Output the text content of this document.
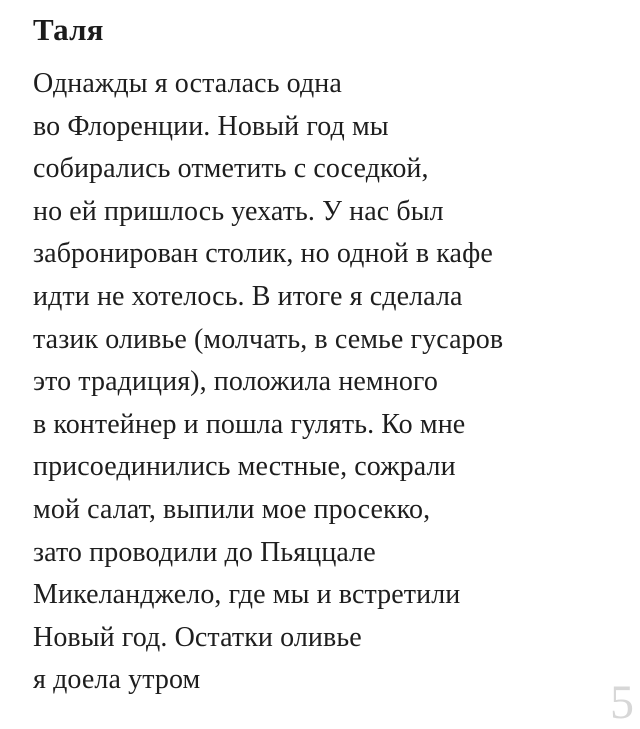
Таля
Однажды я осталась одна
во Флоренции. Новый год мы
собирались отметить с соседкой,
но ей пришлось уехать. У нас был
забронирован столик, но одной в кафе
идти не хотелось. В итоге я сделала
тазик оливье (молчать, в семье гусаров
это традиция), положила немного
в контейнер и пошла гулять. Ко мне
присоединились местные, сожрали
мой салат, выпили мое просекко,
зато проводили до Пьяццале
Микеланджело, где мы и встретили
Новый год. Остатки оливье
я доела утром	5
